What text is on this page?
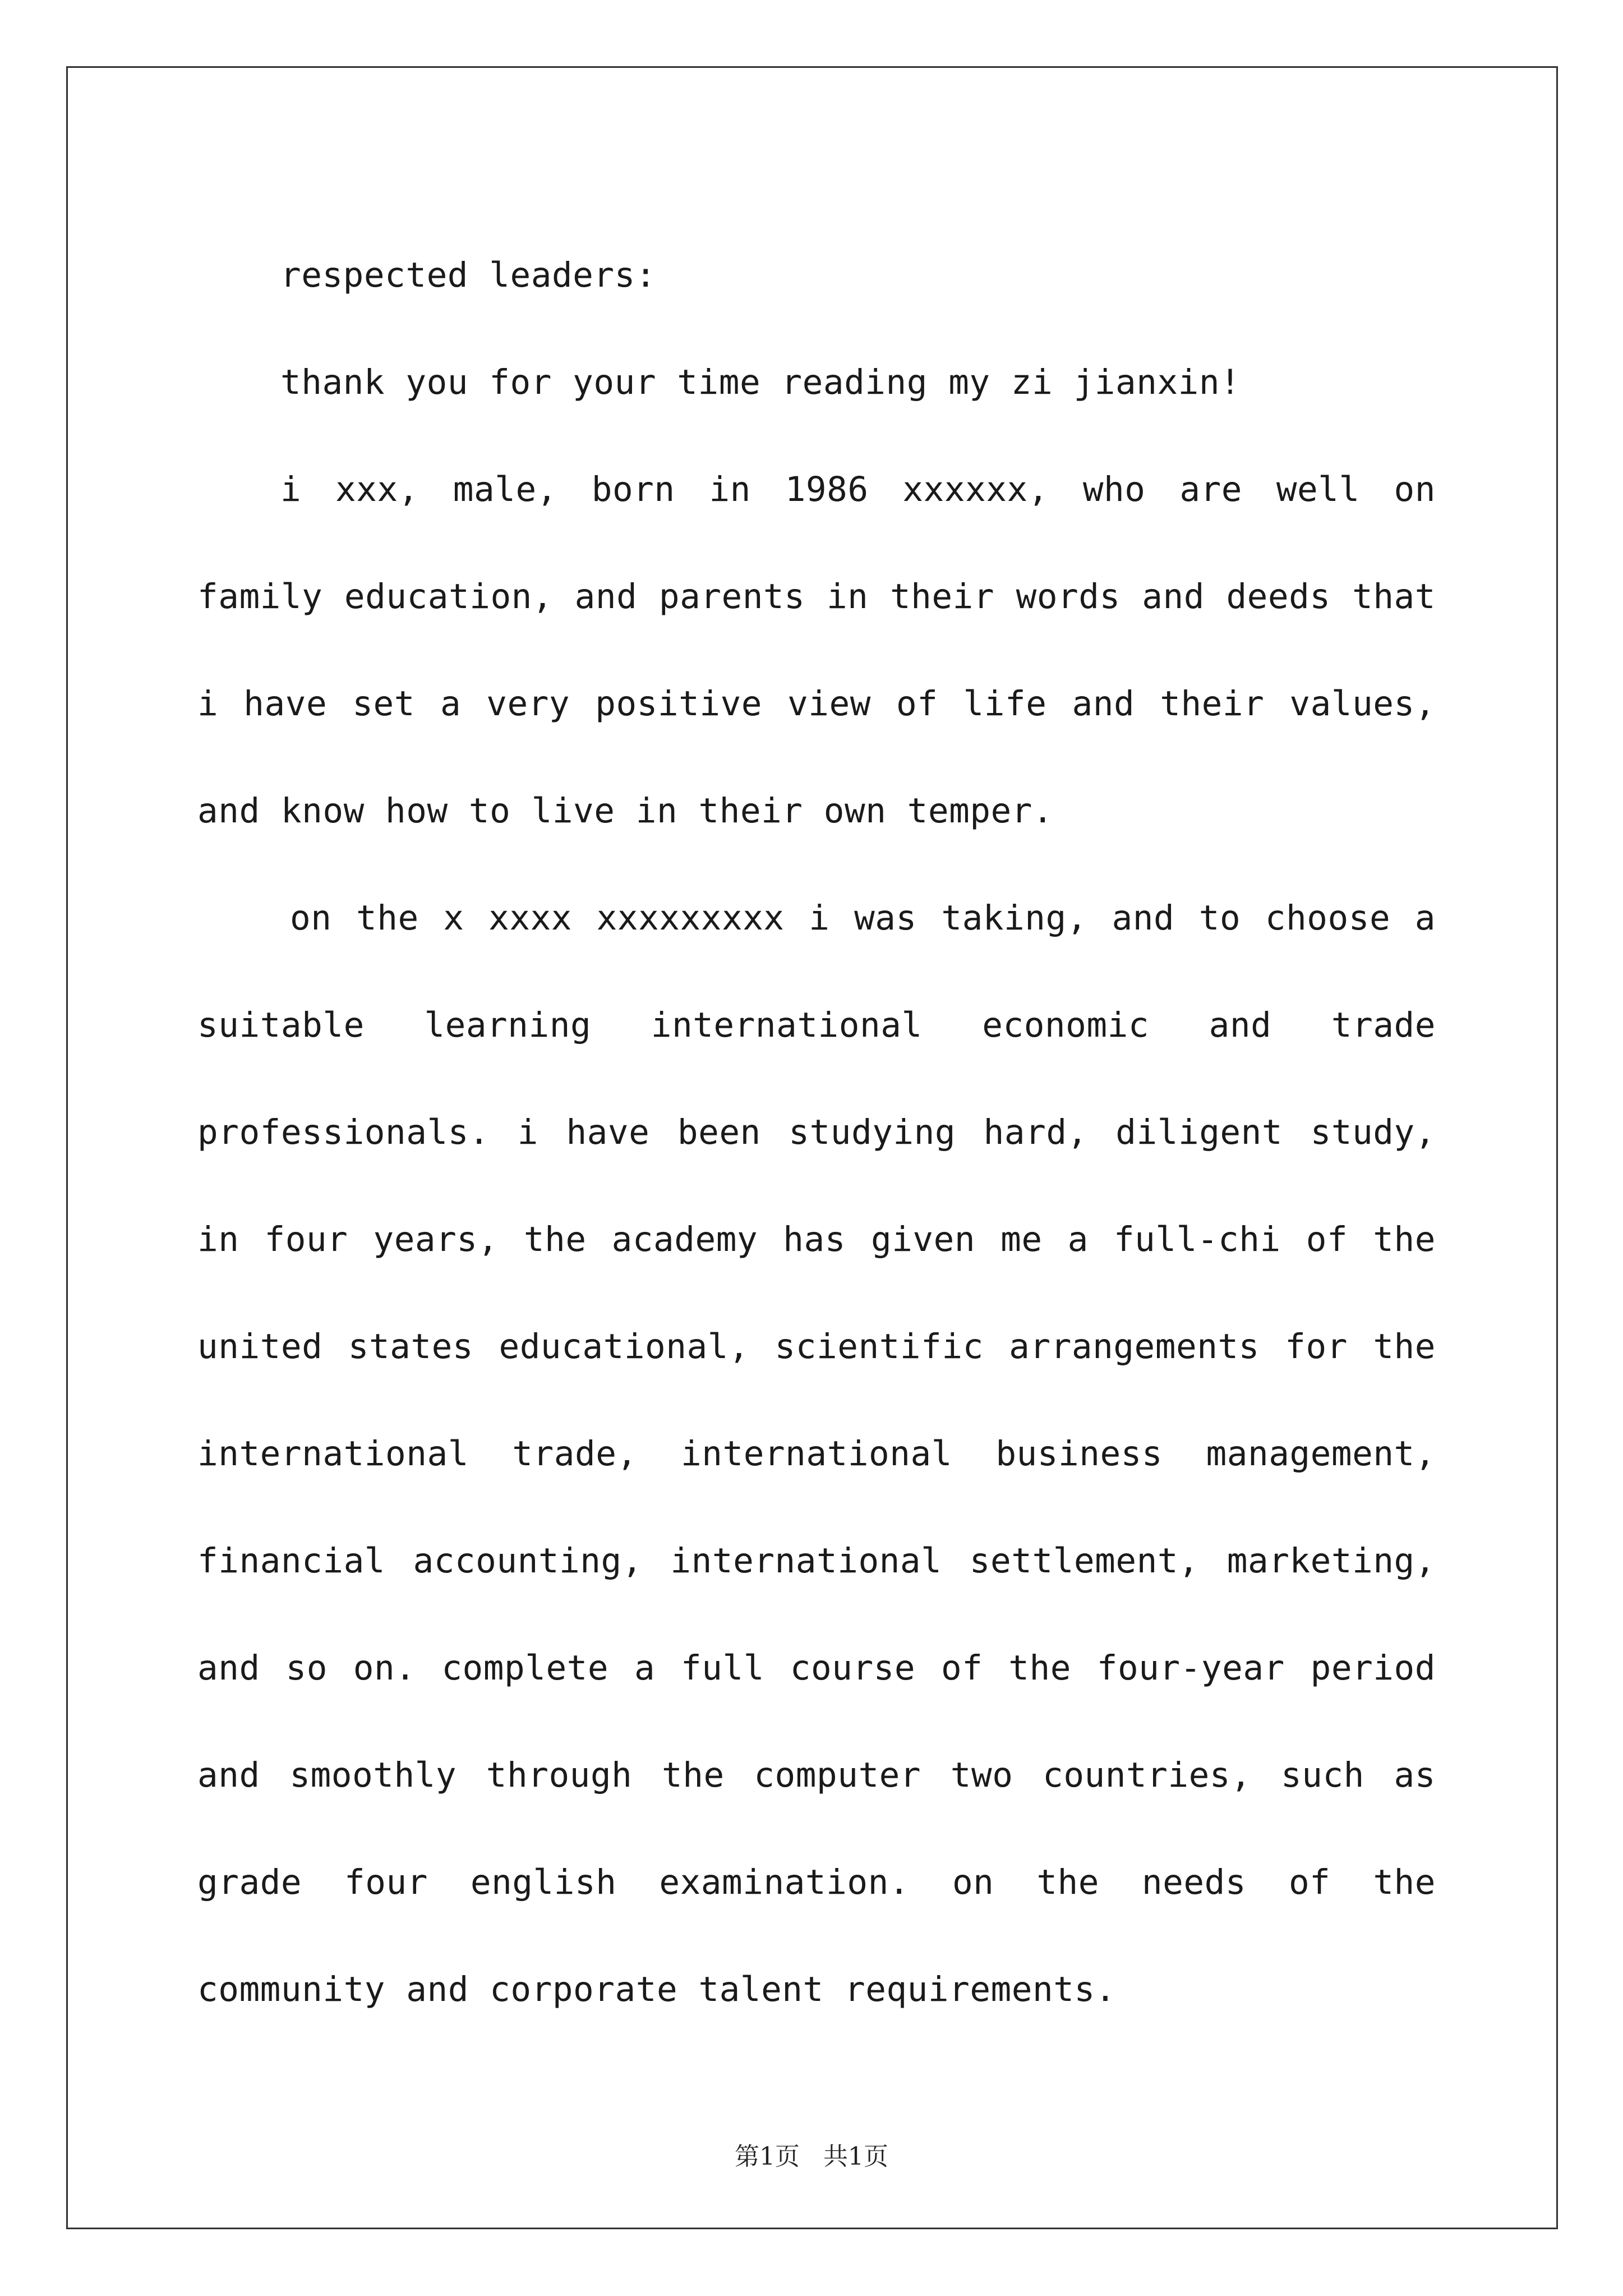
respected leaders:

thank you for your time reading my zi jianxin!

i xxx, male, born in 1986 xxxxxx, who are well on family education, and parents in their words and deeds that i have set a very positive view of life and their values, and know how to live in their own temper.

on the x xxxx xxxxxxxxx i was taking, and to choose a suitable learning international economic and trade professionals. i have been studying hard, diligent study, in four years, the academy has given me a full-chi of the united states educational, scientific arrangements for the international trade, international business management, financial accounting, international settlement, marketing, and so on. complete a full course of the four-year period and smoothly through the computer two countries, such as grade four english examination. on the needs of the community and corporate talent requirements.

第1页   共1页
